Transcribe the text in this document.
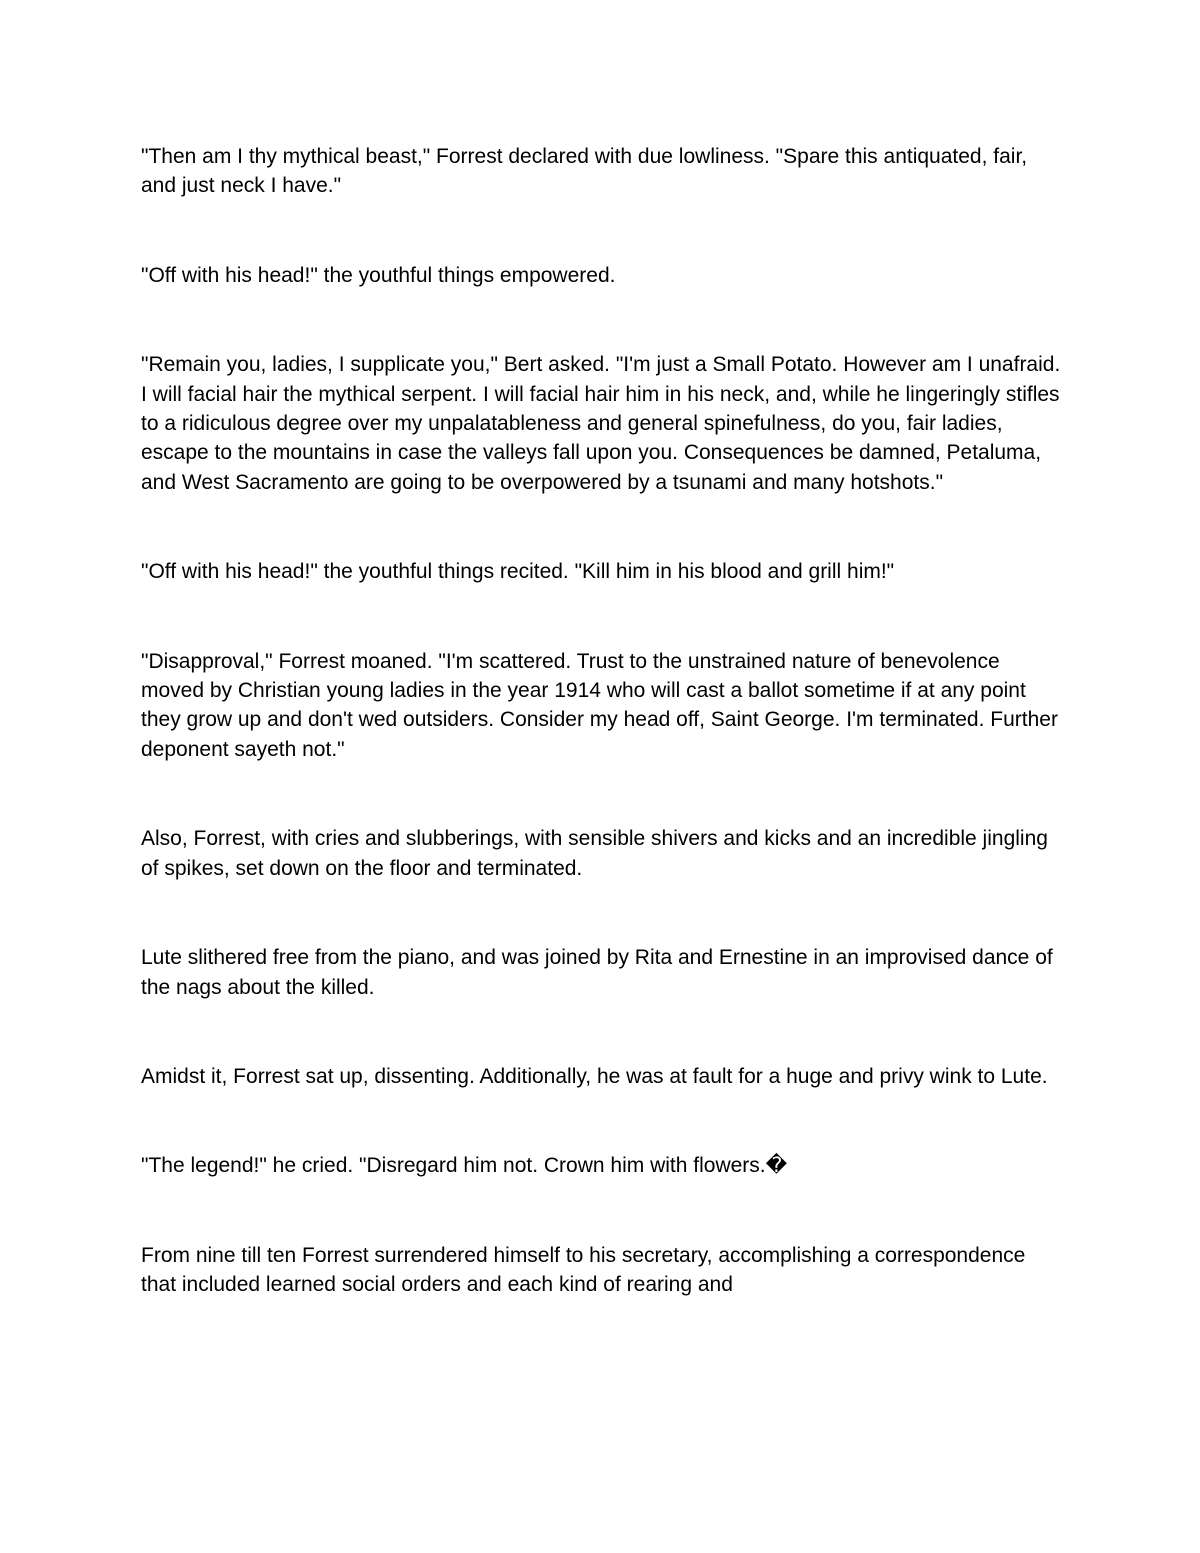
"Then am I thy mythical beast," Forrest declared with due lowliness. "Spare this antiquated, fair, and just neck I have."

"Off with his head!" the youthful things empowered.

"Remain you, ladies, I supplicate you," Bert asked. "I'm just a Small Potato. However am I unafraid. I will facial hair the mythical serpent. I will facial hair him in his neck, and, while he lingeringly stifles to a ridiculous degree over my unpalatableness and general spinefulness, do you, fair ladies, escape to the mountains in case the valleys fall upon you. Consequences be damned, Petaluma, and West Sacramento are going to be overpowered by a tsunami and many hotshots."

"Off with his head!" the youthful things recited. "Kill him in his blood and grill him!"

"Disapproval," Forrest moaned. "I'm scattered. Trust to the unstrained nature of benevolence moved by Christian young ladies in the year 1914 who will cast a ballot sometime if at any point they grow up and don't wed outsiders. Consider my head off, Saint George. I'm terminated. Further deponent sayeth not."

Also, Forrest, with cries and slubberings, with sensible shivers and kicks and an incredible jingling of spikes, set down on the floor and terminated.

Lute slithered free from the piano, and was joined by Rita and Ernestine in an improvised dance of the nags about the killed.

Amidst it, Forrest sat up, dissenting. Additionally, he was at fault for a huge and privy wink to Lute.

"The legend!" he cried. "Disregard him not. Crown him with flowers.�

From nine till ten Forrest surrendered himself to his secretary, accomplishing a correspondence that included learned social orders and each kind of rearing and
